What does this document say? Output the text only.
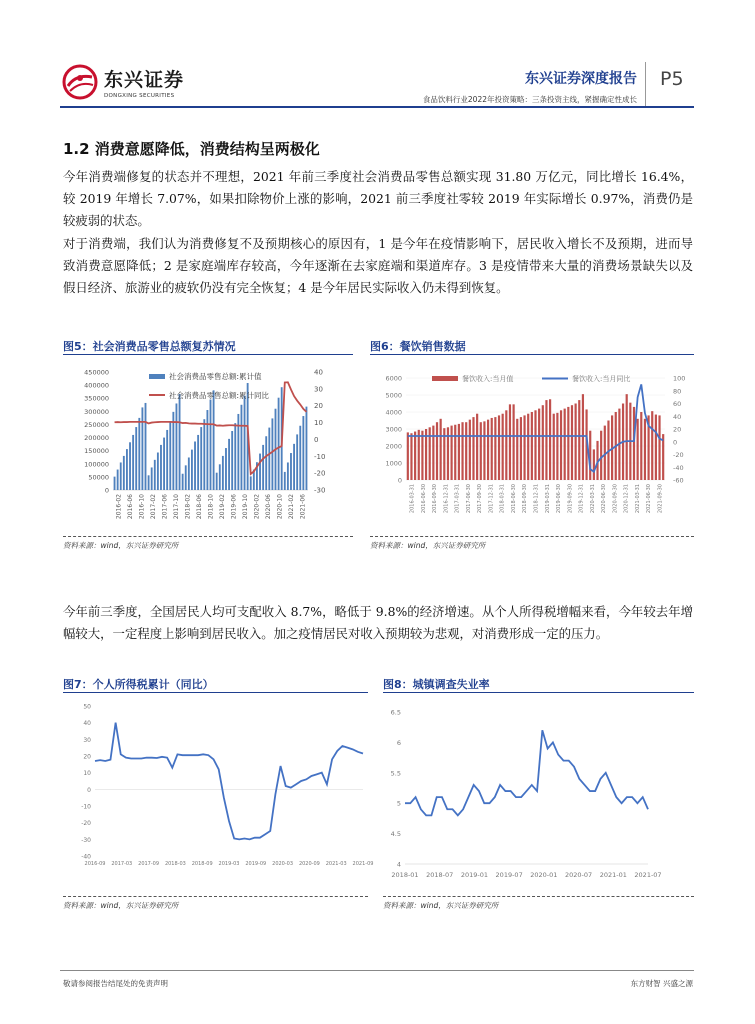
东兴证券
DONGXING SECURITIES
东兴证券深度报告
食品饮料行业2022年投资策略：三条投资主线，紧握确定性成长
P5
1.2 消费意愿降低，消费结构呈两极化

今年消费端修复的状态并不理想，2021 年前三季度社会消费品零售总额实现 31.80 万亿元，同比增长 16.4%，较 2019 年增长 7.07%，如果扣除物价上涨的影响，2021 前三季度社零较 2019 年实际增长 0.97%，消费仍是较疲弱的状态。

对于消费端，我们认为消费修复不及预期核心的原因有，1 是今年在疫情影响下，居民收入增长不及预期，进而导致消费意愿降低；2 是家庭端库存较高，今年逐渐在去家庭端和渠道库存。3 是疫情带来大量的消费场景缺失以及假日经济、旅游业的疲软仍没有完全恢复；4 是今年居民实际收入仍未得到恢复。

图5：社会消费品零售总额复苏情况
0
50000
100000
150000
200000
250000
300000
350000
400000
450000
-30
-20
-10
0
10
20
30
40
2016-02 2016-06 2016-10 2017-02 2017-06 2017-10 2018-02 2018-06 2018-10 2019-02 2019-06 2019-10 2020-02 2020-06 2020-10 2021-02 2021-06
社会消费品零售总额:累计值
社会消费品零售总额:累计同比
资料来源：wind，东兴证券研究所
图6：餐饮销售数据
0
1000
2000
3000
4000
5000
6000
-60
-40
-20
0
20
40
60
80
100
2016-03-31 2016-06-30 2016-09-30 2016-12-31 2017-03-31 2017-06-30 2017-09-30 2017-12-31 2018-03-31 2018-06-30 2018-09-30 2018-12-31 2019-03-31 2019-06-30 2019-09-30 2019-12-31 2020-03-31 2020-06-30 2020-09-30 2020-12-31 2021-03-31 2021-06-30 2021-09-30
餐饮收入:当月值	餐饮收入:当月同比
资料来源：wind，东兴证券研究所

今年前三季度，全国居民人均可支配收入 8.7%，略低于 9.8%的经济增速。从个人所得税增幅来看，今年较去年增幅较大，一定程度上影响到居民收入。加之疫情居民对收入预期较为悲观，对消费形成一定的压力。

图7：个人所得税累计（同比）
-40
-30
-20
-10
0
10
20
30
40
50
2016-09 2017-03 2017-09 2018-03 2018-09 2019-03 2019-09 2020-03 2020-09 2021-03 2021-09
资料来源：wind，东兴证券研究所
图8：城镇调查失业率
4
4.5
5
5.5
6
6.5
2018-01 2018-07 2019-01 2019-07 2020-01 2020-07 2021-01 2021-07
资料来源：wind，东兴证券研究所
敬请参阅报告结尾处的免责声明	东方财智 兴盛之源
